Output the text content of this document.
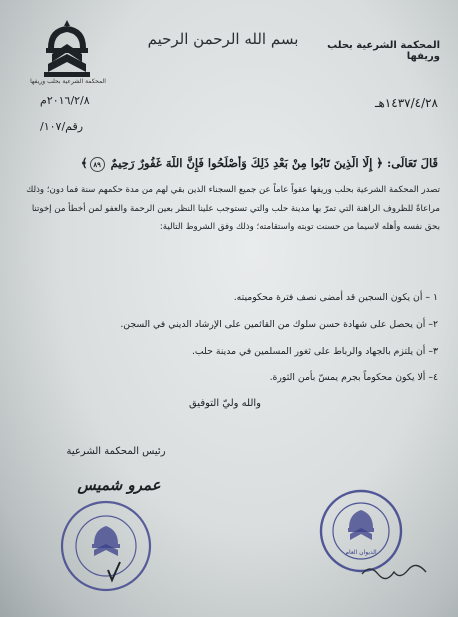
المحكمة الشرعية بحلب وريفها
بسم الله الرحمن الرحيم	المحكمة الشرعية بحلب وريفها
١٤٣٧/٤/٢٨هـ
٢٠١٦/٢/٨م
رقم/١٠٧/
قَالَ تَعَالَى: ﴿ إِلَّا الَّذِينَ تَابُوا مِنْ بَعْدِ ذَلِكَ وَأَصْلَحُوا فَإِنَّ اللَّهَ غَفُورٌ رَحِيمٌ ٨٩﴾
تصدر المحكمة الشرعية بحلب وريفها عفواً عاماً عن جميع السجناء الذين بقي لهم من مدة حكمهم سنة فما دون؛ وذلك مراعاةً للظروف الراهنة التي تمرّ بها مدينة حلب والتي تستوجب علينا النظر بعين الرحمة والعفو لمن أخطأ من إخوتنا بحق نفسه وأهله لاسيما من حسنت توبته واستقامته؛ وذلك وفق الشروط التالية:
١ – أن يكون السجين قد أمضى نصف فترة محكوميته.
٢– أن يحصل على شهادة حسن سلوك من القائمين على الإرشاد الديني في السجن.
٣– أن يلتزم بالجهاد والرباط على ثغور المسلمين في مدينة حلب.
٤– ألا يكون محكوماً بجرم يمسّ بأمن الثورة.
والله وليّ التوفيق
رئيس المحكمة الشرعية
عمرو شميس
الديوان العام
